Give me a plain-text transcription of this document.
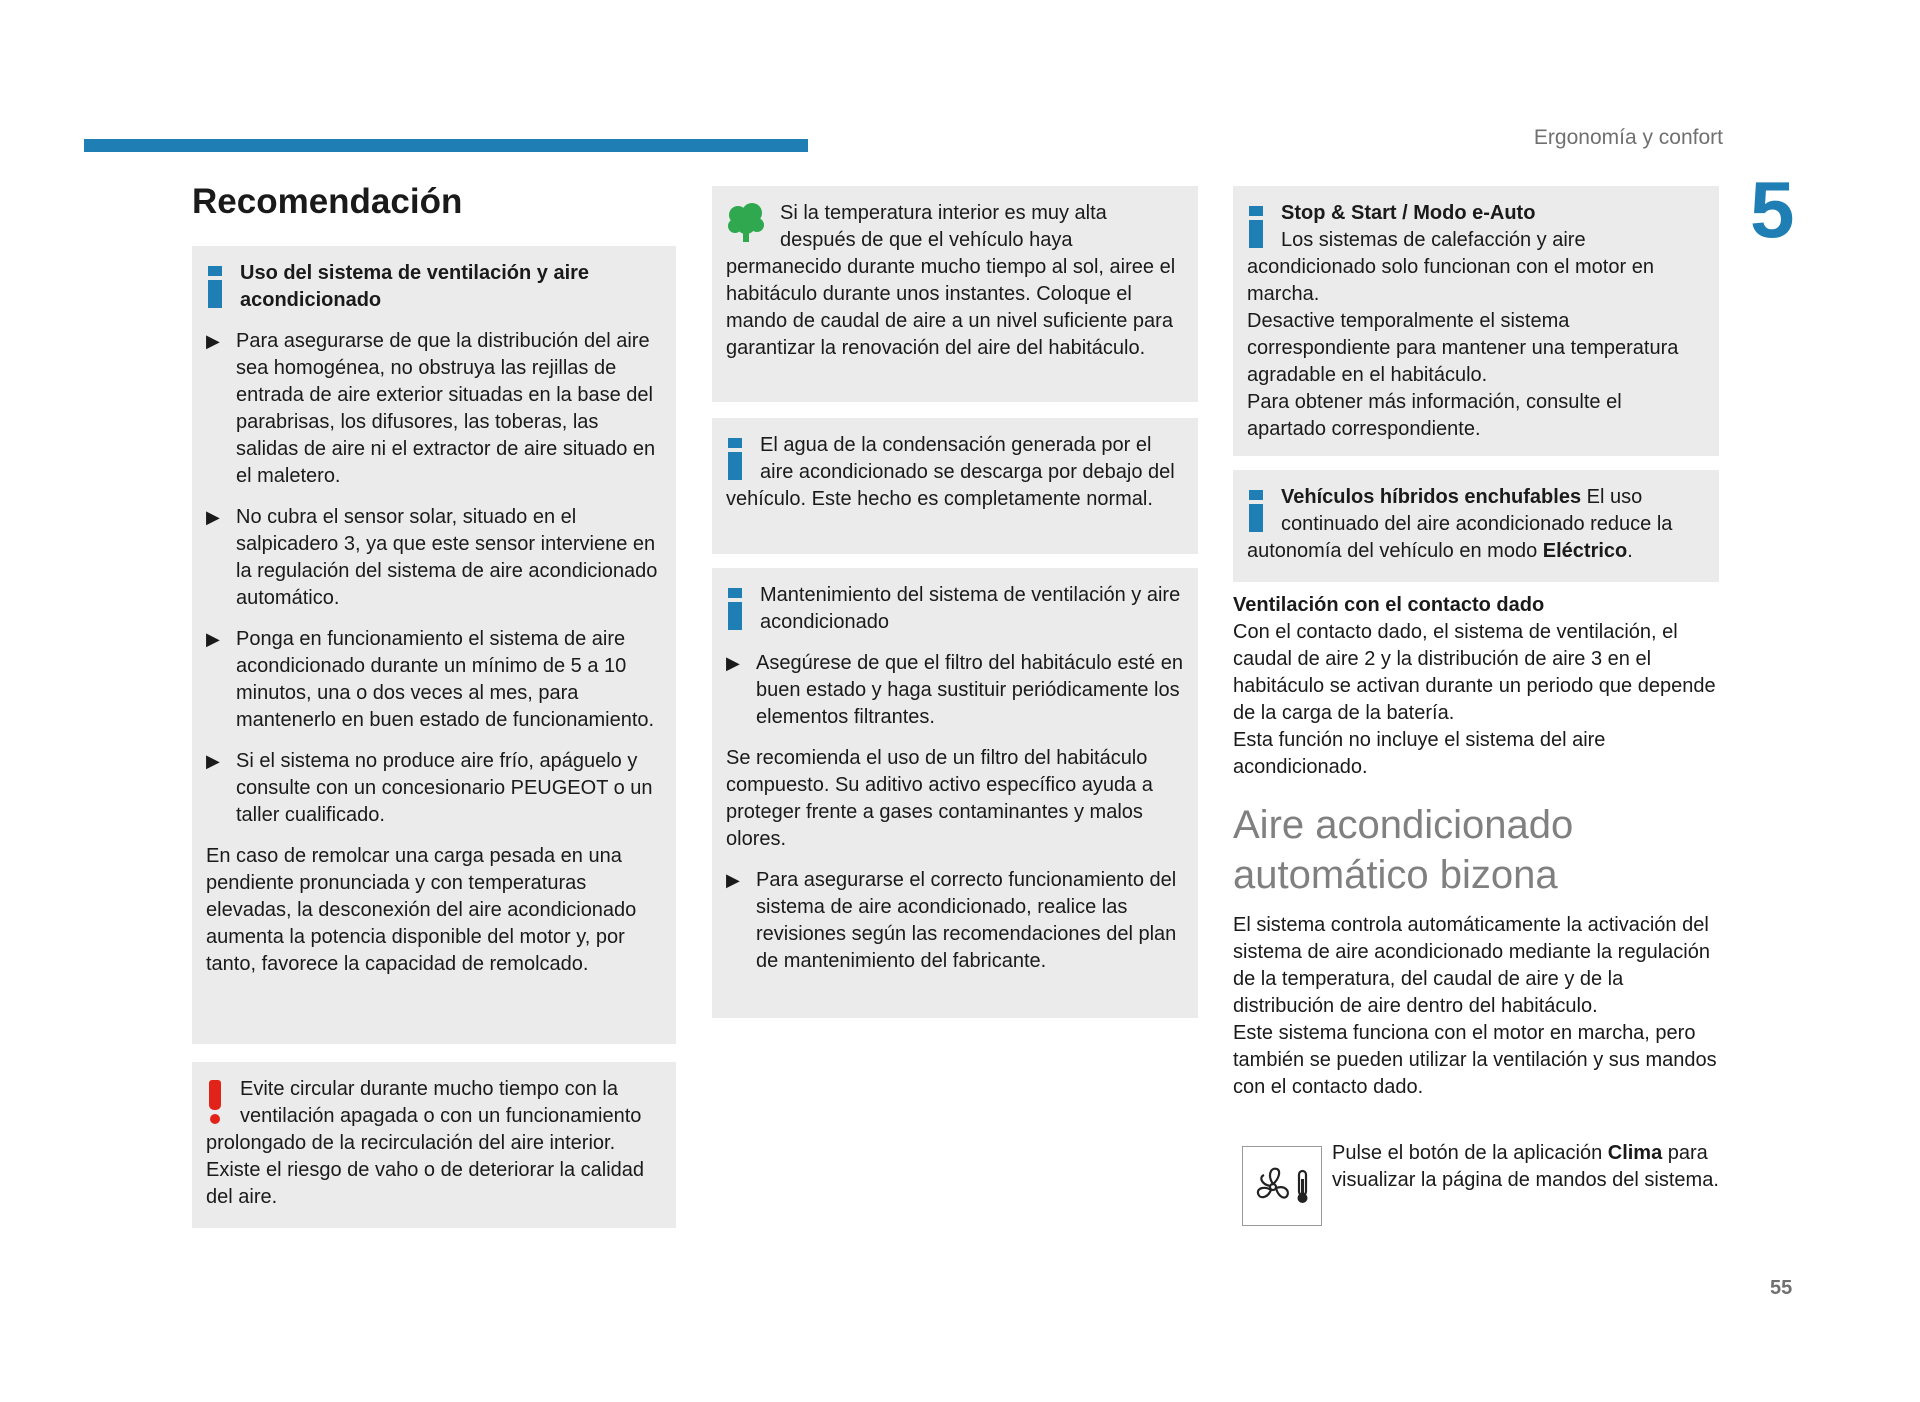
Ergonomía y confort
5
55
Recomendación

Uso del sistema de ventilación y aire acondicionado

▶ Para asegurarse de que la distribución del aire sea homogénea, no obstruya las rejillas de entrada de aire exterior situadas en la base del parabrisas, los difusores, las toberas, las salidas de aire ni el extractor de aire situado en el maletero.
▶ No cubra el sensor solar, situado en el salpicadero 3, ya que este sensor interviene en la regulación del sistema de aire acondicionado automático.
▶ Ponga en funcionamiento el sistema de aire acondicionado durante un mínimo de 5 a 10 minutos, una o dos veces al mes, para mantenerlo en buen estado de funcionamiento.
▶ Si el sistema no produce aire frío, apáguelo y consulte con un concesionario PEUGEOT o un taller cualificado.

En caso de remolcar una carga pesada en una pendiente pronunciada y con temperaturas elevadas, la desconexión del aire acondicionado aumenta la potencia disponible del motor y, por tanto, favorece la capacidad de remolcado.

Evite circular durante mucho tiempo con la ventilación apagada o con un funcionamiento prolongado de la recirculación del aire interior. Existe el riesgo de vaho o de deteriorar la calidad del aire.

Si la temperatura interior es muy alta después de que el vehículo haya permanecido durante mucho tiempo al sol, airee el habitáculo durante unos instantes. Coloque el mando de caudal de aire a un nivel suficiente para garantizar la renovación del aire del habitáculo.

El agua de la condensación generada por el aire acondicionado se descarga por debajo del vehículo. Este hecho es completamente normal.

Mantenimiento del sistema de ventilación y aire acondicionado

▶ Asegúrese de que el filtro del habitáculo esté en buen estado y haga sustituir periódicamente los elementos filtrantes.

Se recomienda el uso de un filtro del habitáculo compuesto. Su aditivo activo específico ayuda a proteger frente a gases contaminantes y malos olores.

▶ Para asegurarse el correcto funcionamiento del sistema de aire acondicionado, realice las revisiones según las recomendaciones del plan de mantenimiento del fabricante.
Stop & Start / Modo e-Auto
Los sistemas de calefacción y aire acondicionado solo funcionan con el motor en marcha.
Desactive temporalmente el sistema correspondiente para mantener una temperatura agradable en el habitáculo.
Para obtener más información, consulte el apartado correspondiente.

Vehículos híbridos enchufables El uso continuado del aire acondicionado reduce la autonomía del vehículo en modo Eléctrico.

Ventilación con el contacto dado
Con el contacto dado, el sistema de ventilación, el caudal de aire 2 y la distribución de aire 3 en el habitáculo se activan durante un periodo que depende de la carga de la batería.
Esta función no incluye el sistema del aire acondicionado.
Aire acondicionado automático bizona
El sistema controla automáticamente la activación del sistema de aire acondicionado mediante la regulación de la temperatura, del caudal de aire y de la distribución de aire dentro del habitáculo.
Este sistema funciona con el motor en marcha, pero también se pueden utilizar la ventilación y sus mandos con el contacto dado.
Pulse el botón de la aplicación Clima para visualizar la página de mandos del sistema.
